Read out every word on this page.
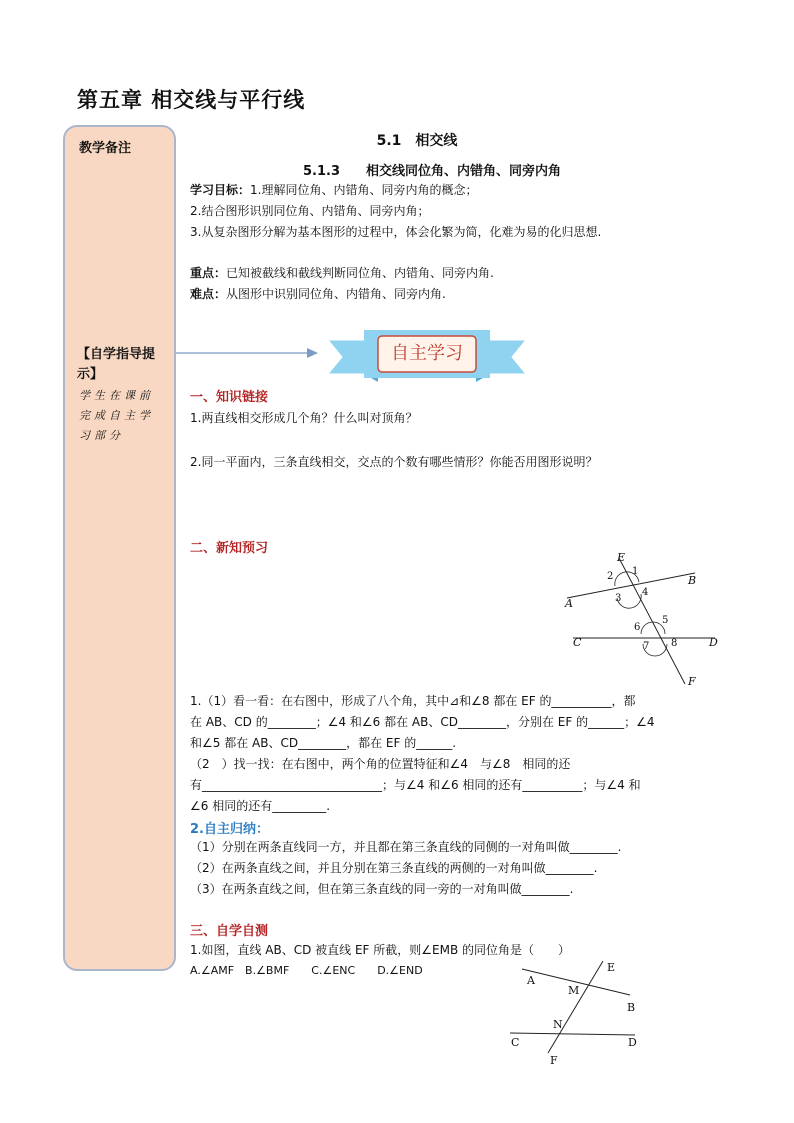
第五章 相交线与平行线
教学备注
【自学指导提示】
学生在课前完成自主学习部分
5.1　相交线
5.1.3　　相交线同位角、内错角、同旁内角
学习目标：1.理解同位角、内错角、同旁内角的概念；
2.结合图形识别同位角、内错角、同旁内角；
3.从复杂图形分解为基本图形的过程中，体会化繁为简，化难为易的化归思想.
重点：已知被截线和截线判断同位角、内错角、同旁内角.
难点：从图形中识别同位角、内错角、同旁内角.
自主学习
一、知识链接
1.两直线相交形成几个角？什么叫对顶角？
2.同一平面内，三条直线相交，交点的个数有哪些情形？你能否用图形说明？
二、新知预习
E
A
B
C	D
F
1
2
3
4
5
6
7 8
1.（1）看一看：在右图中，形成了八个角，其中⊿和∠8 都在 EF 的__________，都
在 AB、CD 的________；∠4 和∠6 都在 AB、CD________，分别在 EF 的______；∠4
和∠5 都在 AB、CD________，都在 EF 的______.
（2　）找一找：在右图中，两个角的位置特征和∠4　与∠8　相同的还
有______________________________；与∠4 和∠6 相同的还有__________；与∠4 和
∠6 相同的还有_________.
2.自主归纳：
（1）分别在两条直线同一方，并且都在第三条直线的同侧的一对角叫做________.
（2）在两条直线之间，并且分别在第三条直线的两侧的一对角叫做________.
（3）在两条直线之间，但在第三条直线的同一旁的一对角叫做________.
三、自学自测
1.如图，直线 AB、CD 被直线 EF 所截，则∠EMB 的同位角是（　　）
A.∠AMF　B.∠BMF　　C.∠ENC　　D.∠END	E
A
M
B
N
C	D
F
